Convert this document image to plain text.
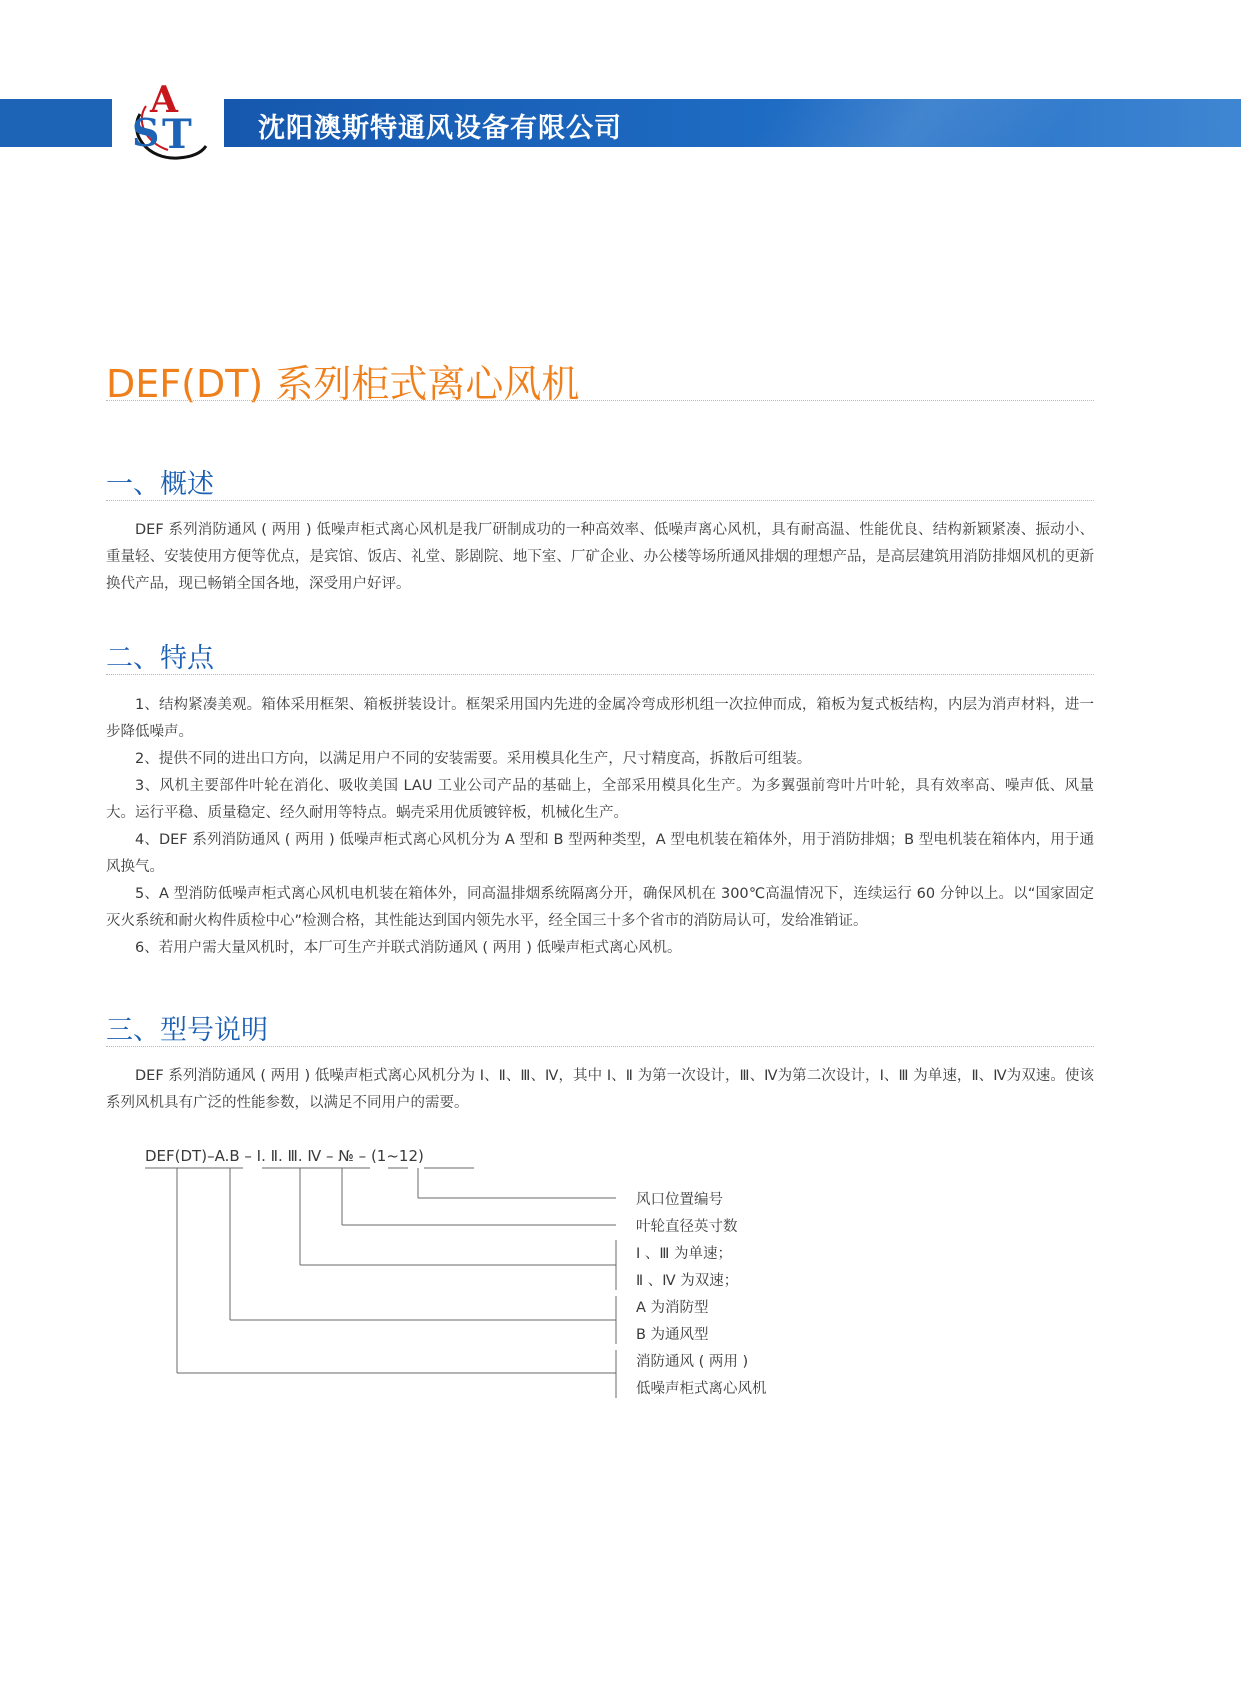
沈阳澳斯特通风设备有限公司
A
S T
DEF(DT) 系列柜式离心风机
一、概述

DEF 系列消防通风 ( 两用 ) 低噪声柜式离心风机是我厂研制成功的一种高效率、低噪声离心风机，具有耐高温、性能优良、结构新颖紧凑、振动小、重量轻、安装使用方便等优点，是宾馆、饭店、礼堂、影剧院、地下室、厂矿企业、办公楼等场所通风排烟的理想产品，是高层建筑用消防排烟风机的更新换代产品，现已畅销全国各地，深受用户好评。

二、特点

1、结构紧凑美观。箱体采用框架、箱板拼装设计。框架采用国内先进的金属冷弯成形机组一次拉伸而成，箱板为复式板结构，内层为消声材料，进一步降低噪声。

2、提供不同的进出口方向，以满足用户不同的安装需要。采用模具化生产，尺寸精度高，拆散后可组装。

3、风机主要部件叶轮在消化、吸收美国 LAU 工业公司产品的基础上，全部采用模具化生产。为多翼强前弯叶片叶轮，具有效率高、噪声低、风量大。运行平稳、质量稳定、经久耐用等特点。蜗壳采用优质镀锌板，机械化生产。

4、DEF 系列消防通风 ( 两用 ) 低噪声柜式离心风机分为 A 型和 B 型两种类型，A 型电机装在箱体外，用于消防排烟；B 型电机装在箱体内，用于通风换气。

5、A 型消防低噪声柜式离心风机电机装在箱体外，同高温排烟系统隔离分开，确保风机在 300℃高温情况下，连续运行 60 分钟以上。以“国家固定灭火系统和耐火构件质检中心”检测合格，其性能达到国内领先水平，经全国三十多个省市的消防局认可，发给准销证。

6、若用户需大量风机时，本厂可生产并联式消防通风 ( 两用 ) 低噪声柜式离心风机。

三、型号说明

DEF 系列消防通风 ( 两用 ) 低噪声柜式离心风机分为 Ⅰ、Ⅱ、Ⅲ、Ⅳ，其中 Ⅰ、Ⅱ 为第一次设计，Ⅲ、Ⅳ为第二次设计，Ⅰ、Ⅲ 为单速，Ⅱ、Ⅳ为双速。使该系列风机具有广泛的性能参数，以满足不同用户的需要。

DEF(DT)–A.B – Ⅰ. Ⅱ. Ⅲ. Ⅳ – № – (1~12)
风口位置编号
叶轮直径英寸数
Ⅰ 、Ⅲ 为单速；
Ⅱ 、Ⅳ 为双速；
A 为消防型
B 为通风型
消防通风 ( 两用 )
低噪声柜式离心风机
